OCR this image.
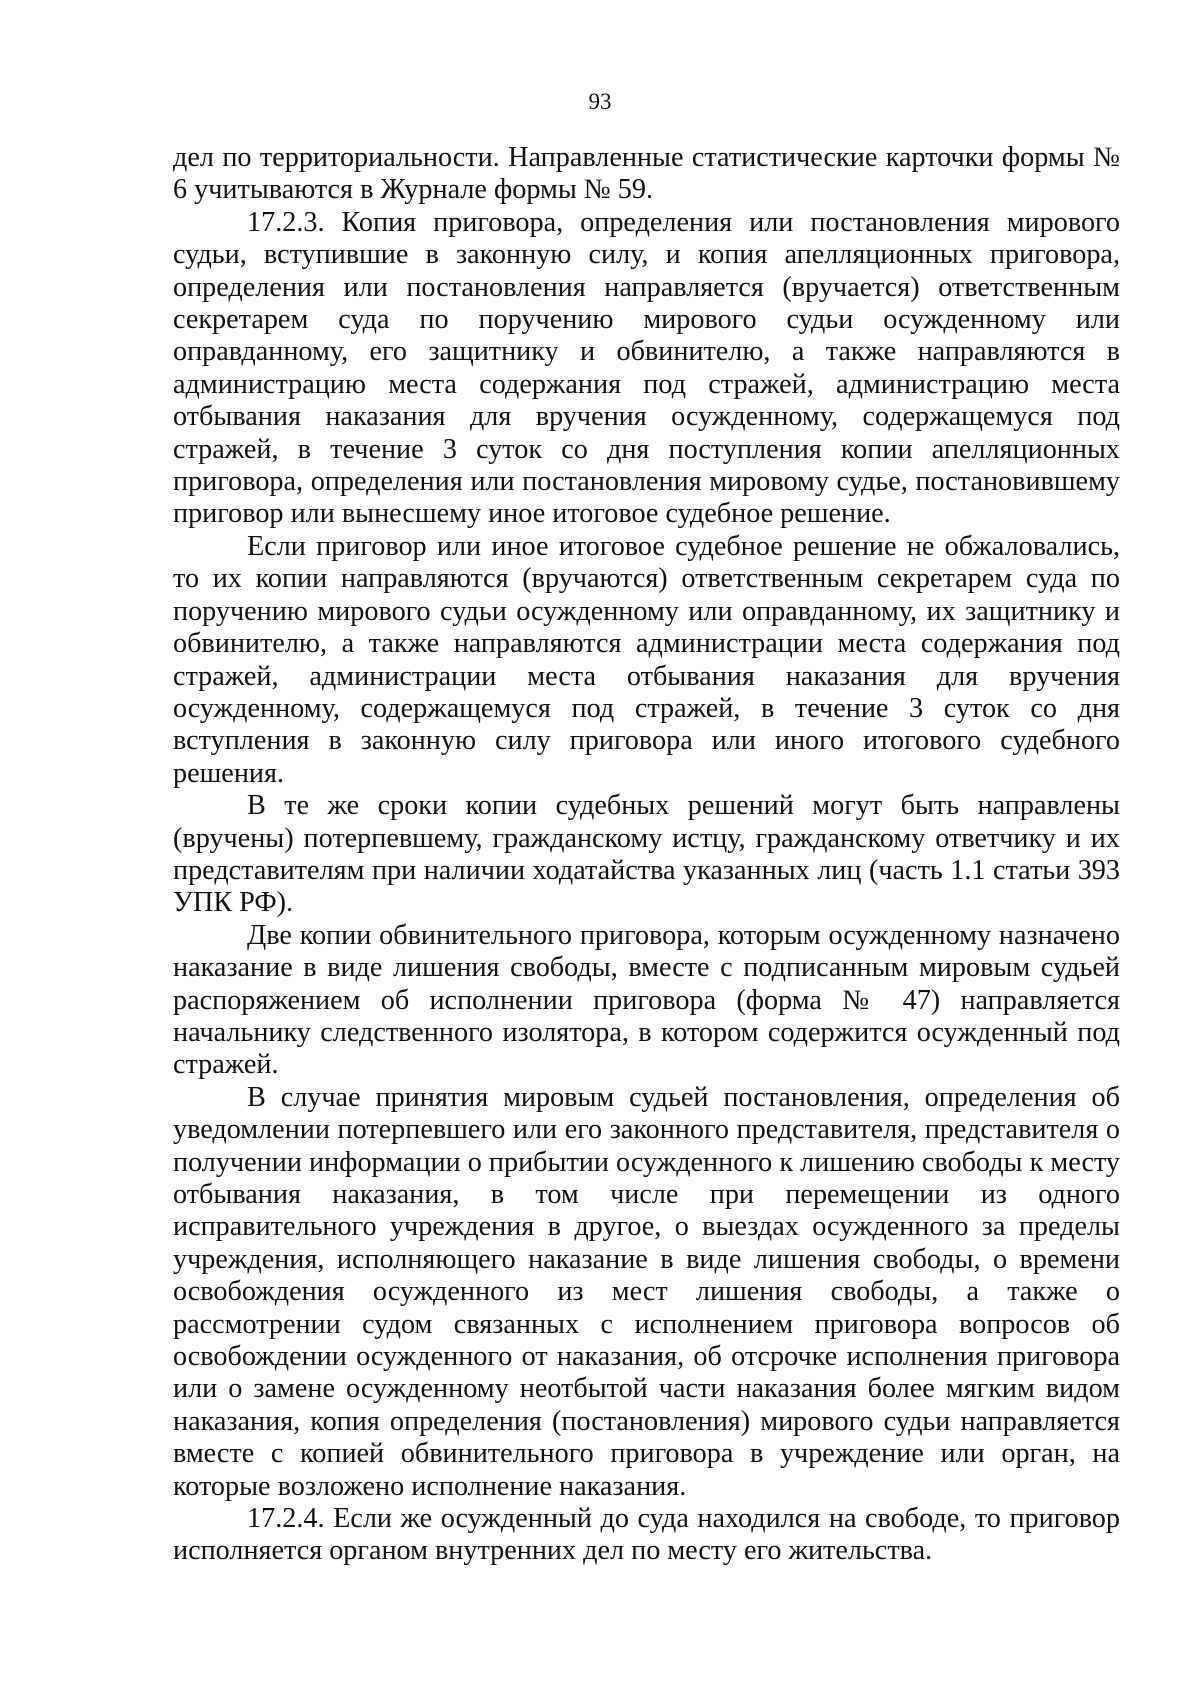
93

дел по территориальности. Направленные статистические карточки формы № 6 учитываются в Журнале формы № 59.

17.2.3. Копия приговора, определения или постановления мирового судьи, вступившие в законную силу, и копия апелляционных приговора, определения или постановления направляется (вручается) ответственным секретарем суда по поручению мирового судьи осужденному или оправданному, его защитнику и обвинителю, а также направляются в администрацию места содержания под стражей, администрацию места отбывания наказания для вручения осужденному, содержащемуся под стражей, в течение 3 суток со дня поступления копии апелляционных приговора, определения или постановления мировому судье, постановившему приговор или вынесшему иное итоговое судебное решение.

Если приговор или иное итоговое судебное решение не обжаловались, то их копии направляются (вручаются) ответственным секретарем суда по поручению мирового судьи осужденному или оправданному, их защитнику и обвинителю, а также направляются администрации места содержания под стражей, администрации места отбывания наказания для вручения осужденному, содержащемуся под стражей, в течение 3 суток со дня вступления в законную силу приговора или иного итогового судебного решения.

В те же сроки копии судебных решений могут быть направлены (вручены) потерпевшему, гражданскому истцу, гражданскому ответчику и их представителям при наличии ходатайства указанных лиц (часть 1.1 статьи 393 УПК РФ).

Две копии обвинительного приговора, которым осужденному назначено наказание в виде лишения свободы, вместе с подписанным мировым судьей распоряжением об исполнении приговора (форма № 47) направляется начальнику следственного изолятора, в котором содержится осужденный под стражей.

В случае принятия мировым судьей постановления, определения об уведомлении потерпевшего или его законного представителя, представителя о получении информации о прибытии осужденного к лишению свободы к месту отбывания наказания, в том числе при перемещении из одного исправительного учреждения в другое, о выездах осужденного за пределы учреждения, исполняющего наказание в виде лишения свободы, о времени освобождения осужденного из мест лишения свободы, а также о рассмотрении судом связанных с исполнением приговора вопросов об освобождении осужденного от наказания, об отсрочке исполнения приговора или о замене осужденному неотбытой части наказания более мягким видом наказания, копия определения (постановления) мирового судьи направляется вместе с копией обвинительного приговора в учреждение или орган, на которые возложено исполнение наказания.

17.2.4. Если же осужденный до суда находился на свободе, то приговор исполняется органом внутренних дел по месту его жительства.
